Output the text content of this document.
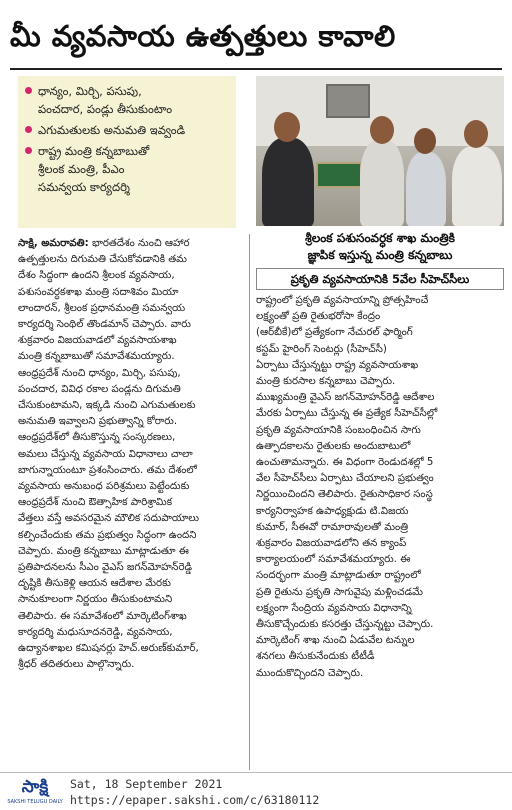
మీ వ్యవసాయ ఉత్పత్తులు కావాలి
ధాన్యం, మిర్చి, పసుపు,
పంచదార, పండ్లు తీసుకుంటాం
ఎగుమతులకు అనుమతి ఇవ్వండి
రాష్ట్ర మంత్రి కన్నబాబుతో
శ్రీలంక మంత్రి, పీఎం
సమన్వయ కార్యదర్శి
శ్రీలంక పశుసంవర్ధక శాఖ మంత్రికి
జ్ఞాపిక ఇస్తున్న మంత్రి కన్నబాబు
ప్రకృతి వ్యవసాయానికి 5వేల సీహెచ్‌సీలు
సాక్షి, అమరావతి: భారతదేశం నుంచి ఆహార
ఉత్పత్తులను దిగుమతి చేసుకోవడానికి తమ
దేశం సిద్ధంగా ఉందని శ్రీలంక వ్యవసాయ,
పశుసంవర్ధకశాఖ మంత్రి సదాశివం మియా
లాందారన్, శ్రీలంక ప్రధానమంత్రి సమన్వయ
కార్యదర్శి సెంథిల్ తొండమాన్ చెప్పారు. వారు
శుక్రవారం విజయవాడలో వ్యవసాయశాఖ
మంత్రి కన్నబాబుతో సమావేశమయ్యారు.
ఆంధ్రప్రదేశ్ నుంచి ధాన్యం, మిర్చి, పసుపు,
పంచదార, వివిధ రకాల పండ్లను దిగుమతి
చేసుకుంటామని, ఇక్కడి నుంచి ఎగుమతులకు
అనుమతి ఇవ్వాలని ప్రభుత్వాన్ని కోరారు.
ఆంధ్రప్రదేశ్‌లో తీసుకొస్తున్న సంస్కరణలు,
అమలు చేస్తున్న వ్యవసాయ విధానాలు చాలా
బాగున్నాయంటూ ప్రశంసించారు. తమ దేశంలో
వ్యవసాయ అనుబంధ పరిశ్రమలు పెట్టేందుకు
ఆంధ్రప్రదేశ్ నుంచి ఔత్సాహిక పారిశ్రామిక
వేత్తలు వస్తే అవసరమైన మౌలిక సదుపాయాలు
కల్పించేందుకు తమ ప్రభుత్వం సిద్ధంగా ఉందని
చెప్పారు. మంత్రి కన్నబాబు మాట్లాడుతూ ఈ
ప్రతిపాదనలను సీఎం వైఎస్ జగన్‌మోహన్‌రెడ్డి
దృష్టికి తీసుకెళ్లి ఆయన ఆదేశాల మేరకు
సానుకూలంగా నిర్ణయం తీసుకుంటామని
తెలిపారు. ఈ సమావేశంలో మార్కెటింగ్‌శాఖ
కార్యదర్శి మధుసూదనరెడ్డి, వ్యవసాయ,
ఉద్యానశాఖల కమిషనర్లు హెచ్.అరుణ్‌కుమార్,
శ్రీధర్ తదితరులు పాల్గొన్నారు.
రాష్ట్రంలో ప్రకృతి వ్యవసాయాన్ని ప్రోత్సహించే
లక్ష్యంతో ప్రతి రైతుభరోసా కేంద్రం
(ఆర్‌బీకే)లో ప్రత్యేకంగా నేచురల్ ఫార్మింగ్
కస్టమ్ హైరింగ్ సెంటర్లు (సీహెచ్‌సీ)
ఏర్పాటు చేస్తున్నట్టు రాష్ట్ర వ్యవసాయశాఖ
మంత్రి కురసాల కన్నబాబు చెప్పారు.
ముఖ్యమంత్రి వైఎస్ జగన్‌మోహన్‌రెడ్డి ఆదేశాల
మేరకు ఏర్పాటు చేస్తున్న ఈ ప్రత్యేక సీహెచ్‌సీల్లో
ప్రకృతి వ్యవసాయానికి సంబంధించిన సాగు
ఉత్పాదకాలను రైతులకు అందుబాటులో
ఉంచుతామన్నారు. ఈ విధంగా రెండుదశల్లో 5
వేల సీహెచ్‌సీలు ఏర్పాటు చేయాలని ప్రభుత్వం
నిర్ణయించిందని తెలిపారు. రైతుసాధికార సంస్థ
కార్యనిర్వాహక ఉపాధ్యక్షుడు టి.విజయ
కుమార్, సీఈవో రామారావులతో మంత్రి
శుక్రవారం విజయవాడలోని తన క్యాంప్
కార్యాలయంలో సమావేశమయ్యారు. ఈ
సందర్భంగా మంత్రి మాట్లాడుతూ రాష్ట్రంలో
ప్రతి రైతును ప్రకృతి సాగువైపు మళ్లించడమే
లక్ష్యంగా సేంద్రియ వ్యవసాయ విధానాన్ని
తీసుకొచ్చేందుకు కసరత్తు చేస్తున్నట్టు చెప్పారు.
మార్కెటింగ్ శాఖ నుంచి ఏడువేల టన్నుల
శనగలు తీసుకునేందుకు టీటీడీ
ముందుకొచ్చిందని చెప్పారు.
సాక్షి
SAKSHI TELUGU DAILY
Sat, 18 September 2021
https://epaper.sakshi.com/c/63180112
